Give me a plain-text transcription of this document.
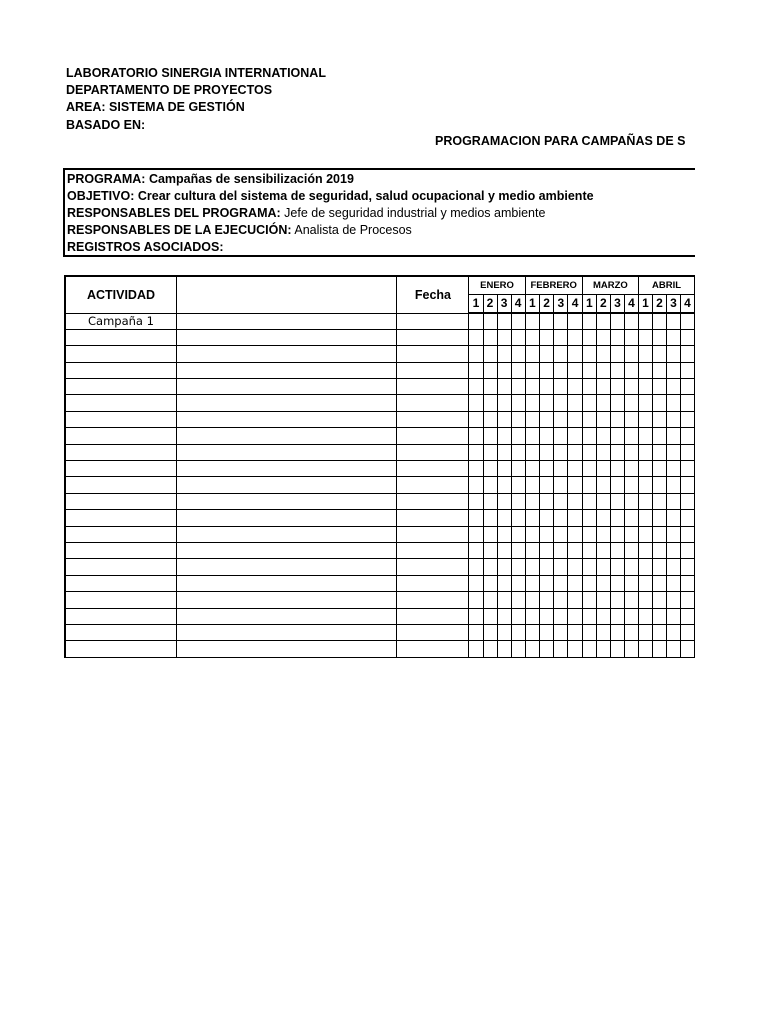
LABORATORIO SINERGIA INTERNATIONAL
DEPARTAMENTO DE PROYECTOS
AREA: SISTEMA DE GESTIÓN
BASADO EN:
PROGRAMACION PARA CAMPAÑAS DE S
PROGRAMA: Campañas de sensibilización 2019
OBJETIVO: Crear cultura del sistema de seguridad, salud ocupacional y medio ambiente
RESPONSABLES DEL PROGRAMA: Jefe de seguridad industrial y medios ambiente
RESPONSABLES DE LA EJECUCIÓN: Analista de Procesos
REGISTROS ASOCIADOS:
ACTIVIDAD		Fecha	ENERO				FEBRERO				MARZO				ABRIL			
			1	2	3	4	1	2	3	4	1	2	3	4	1	2	3	4
Campaña 1																		
